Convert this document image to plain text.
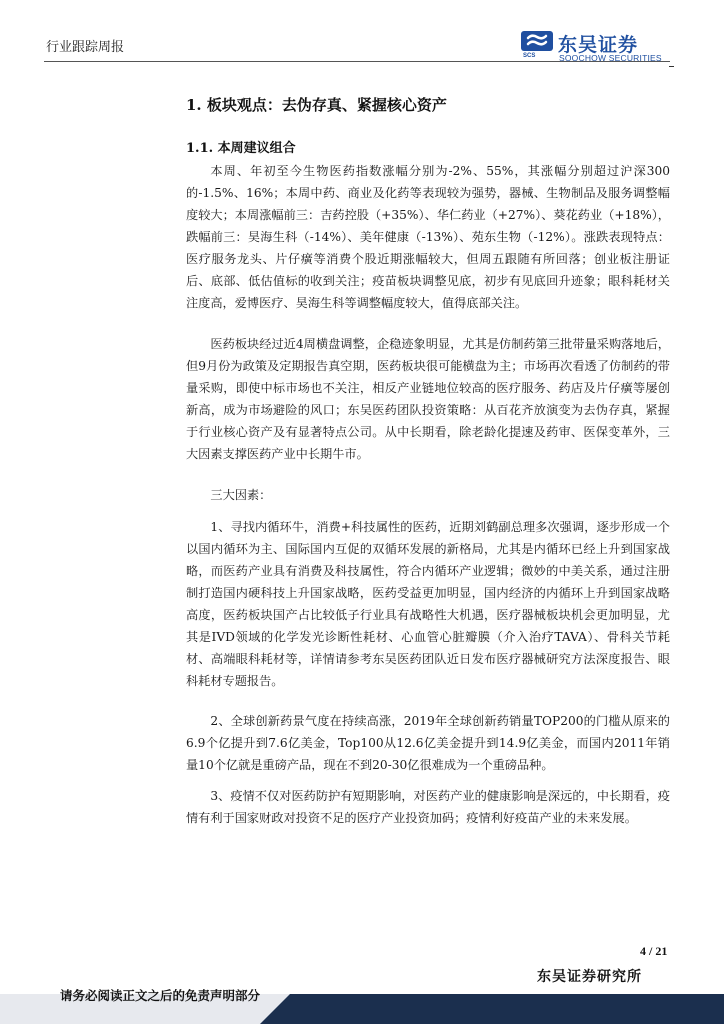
行业跟踪周报
SCS 东吴证券
SOOCHOW SECURITIES
1. 板块观点：去伪存真、紧握核心资产
1.1. 本周建议组合

本周、年初至今生物医药指数涨幅分别为-2%、55%，其涨幅分别超过沪深300的-1.5%、16%；本周中药、商业及化药等表现较为强势，器械、生物制品及服务调整幅度较大；本周涨幅前三：吉药控股（+35%）、华仁药业（+27%）、葵花药业（+18%），跌幅前三：昊海生科（-14%）、美年健康（-13%）、苑东生物（-12%）。涨跌表现特点：医疗服务龙头、片仔癀等消费个股近期涨幅较大，但周五跟随有所回落；创业板注册证后、底部、低估值标的收到关注；疫苗板块调整见底，初步有见底回升迹象；眼科耗材关注度高，爱博医疗、昊海生科等调整幅度较大，值得底部关注。

医药板块经过近4周横盘调整，企稳迹象明显，尤其是仿制药第三批带量采购落地后，但9月份为政策及定期报告真空期，医药板块很可能横盘为主；市场再次看透了仿制药的带量采购，即使中标市场也不关注，相反产业链地位较高的医疗服务、药店及片仔癀等屡创新高，成为市场避险的风口；东吴医药团队投资策略：从百花齐放演变为去伪存真，紧握于行业核心资产及有显著特点公司。从中长期看，除老龄化提速及药审、医保变革外，三大因素支撑医药产业中长期牛市。

三大因素：

1、寻找内循环牛，消费+科技属性的医药，近期刘鹤副总理多次强调，逐步形成一个以国内循环为主、国际国内互促的双循环发展的新格局，尤其是内循环已经上升到国家战略，而医药产业具有消费及科技属性，符合内循环产业逻辑；微妙的中美关系，通过注册制打造国内硬科技上升国家战略，医药受益更加明显，国内经济的内循环上升到国家战略高度，医药板块国产占比较低子行业具有战略性大机遇，医疗器械板块机会更加明显，尤其是IVD领域的化学发光诊断性耗材、心血管心脏瓣膜（介入治疗TAVA）、骨科关节耗材、高端眼科耗材等，详情请参考东吴医药团队近日发布医疗器械研究方法深度报告、眼科耗材专题报告。

2、全球创新药景气度在持续高涨，2019年全球创新药销量TOP200的门槛从原来的6.9个亿提升到7.6亿美金，Top100从12.6亿美金提升到14.9亿美金，而国内2011年销量10个亿就是重磅产品，现在不到20-30亿很难成为一个重磅品种。

3、疫情不仅对医药防护有短期影响，对医药产业的健康影响是深远的，中长期看，疫情有利于国家财政对投资不足的医疗产业投资加码；疫情利好疫苗产业的未来发展。

4 / 21
东吴证券研究所
请务必阅读正文之后的免责声明部分
